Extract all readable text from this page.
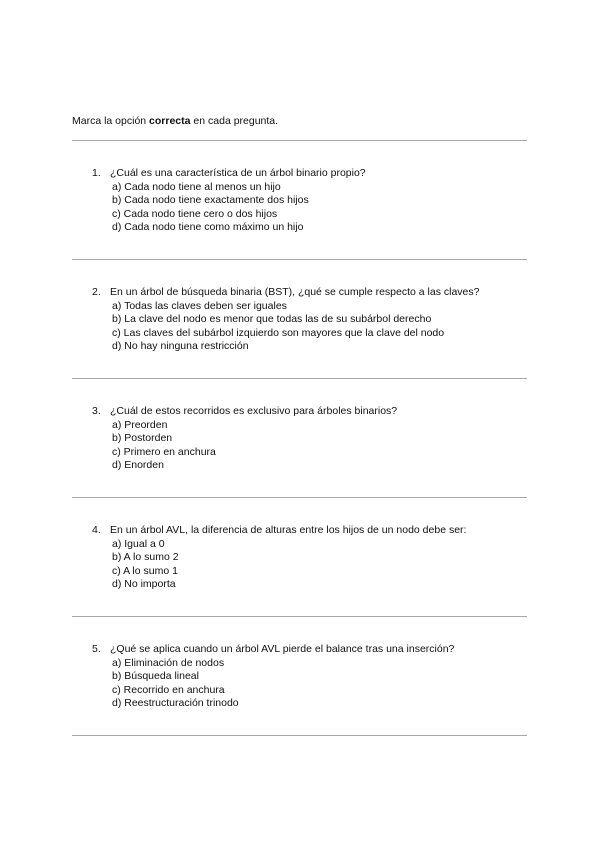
Marca la opción correcta en cada pregunta.
1. ¿Cuál es una característica de un árbol binario propio?
a) Cada nodo tiene al menos un hijo
b) Cada nodo tiene exactamente dos hijos
c) Cada nodo tiene cero o dos hijos
d) Cada nodo tiene como máximo un hijo
2. En un árbol de búsqueda binaria (BST), ¿qué se cumple respecto a las claves?
a) Todas las claves deben ser iguales
b) La clave del nodo es menor que todas las de su subárbol derecho
c) Las claves del subárbol izquierdo son mayores que la clave del nodo
d) No hay ninguna restricción
3. ¿Cuál de estos recorridos es exclusivo para árboles binarios?
a) Preorden
b) Postorden
c) Primero en anchura
d) Enorden
4. En un árbol AVL, la diferencia de alturas entre los hijos de un nodo debe ser:
a) Igual a 0
b) A lo sumo 2
c) A lo sumo 1
d) No importa
5. ¿Qué se aplica cuando un árbol AVL pierde el balance tras una inserción?
a) Eliminación de nodos
b) Búsqueda lineal
c) Recorrido en anchura
d) Reestructuración trinodo
